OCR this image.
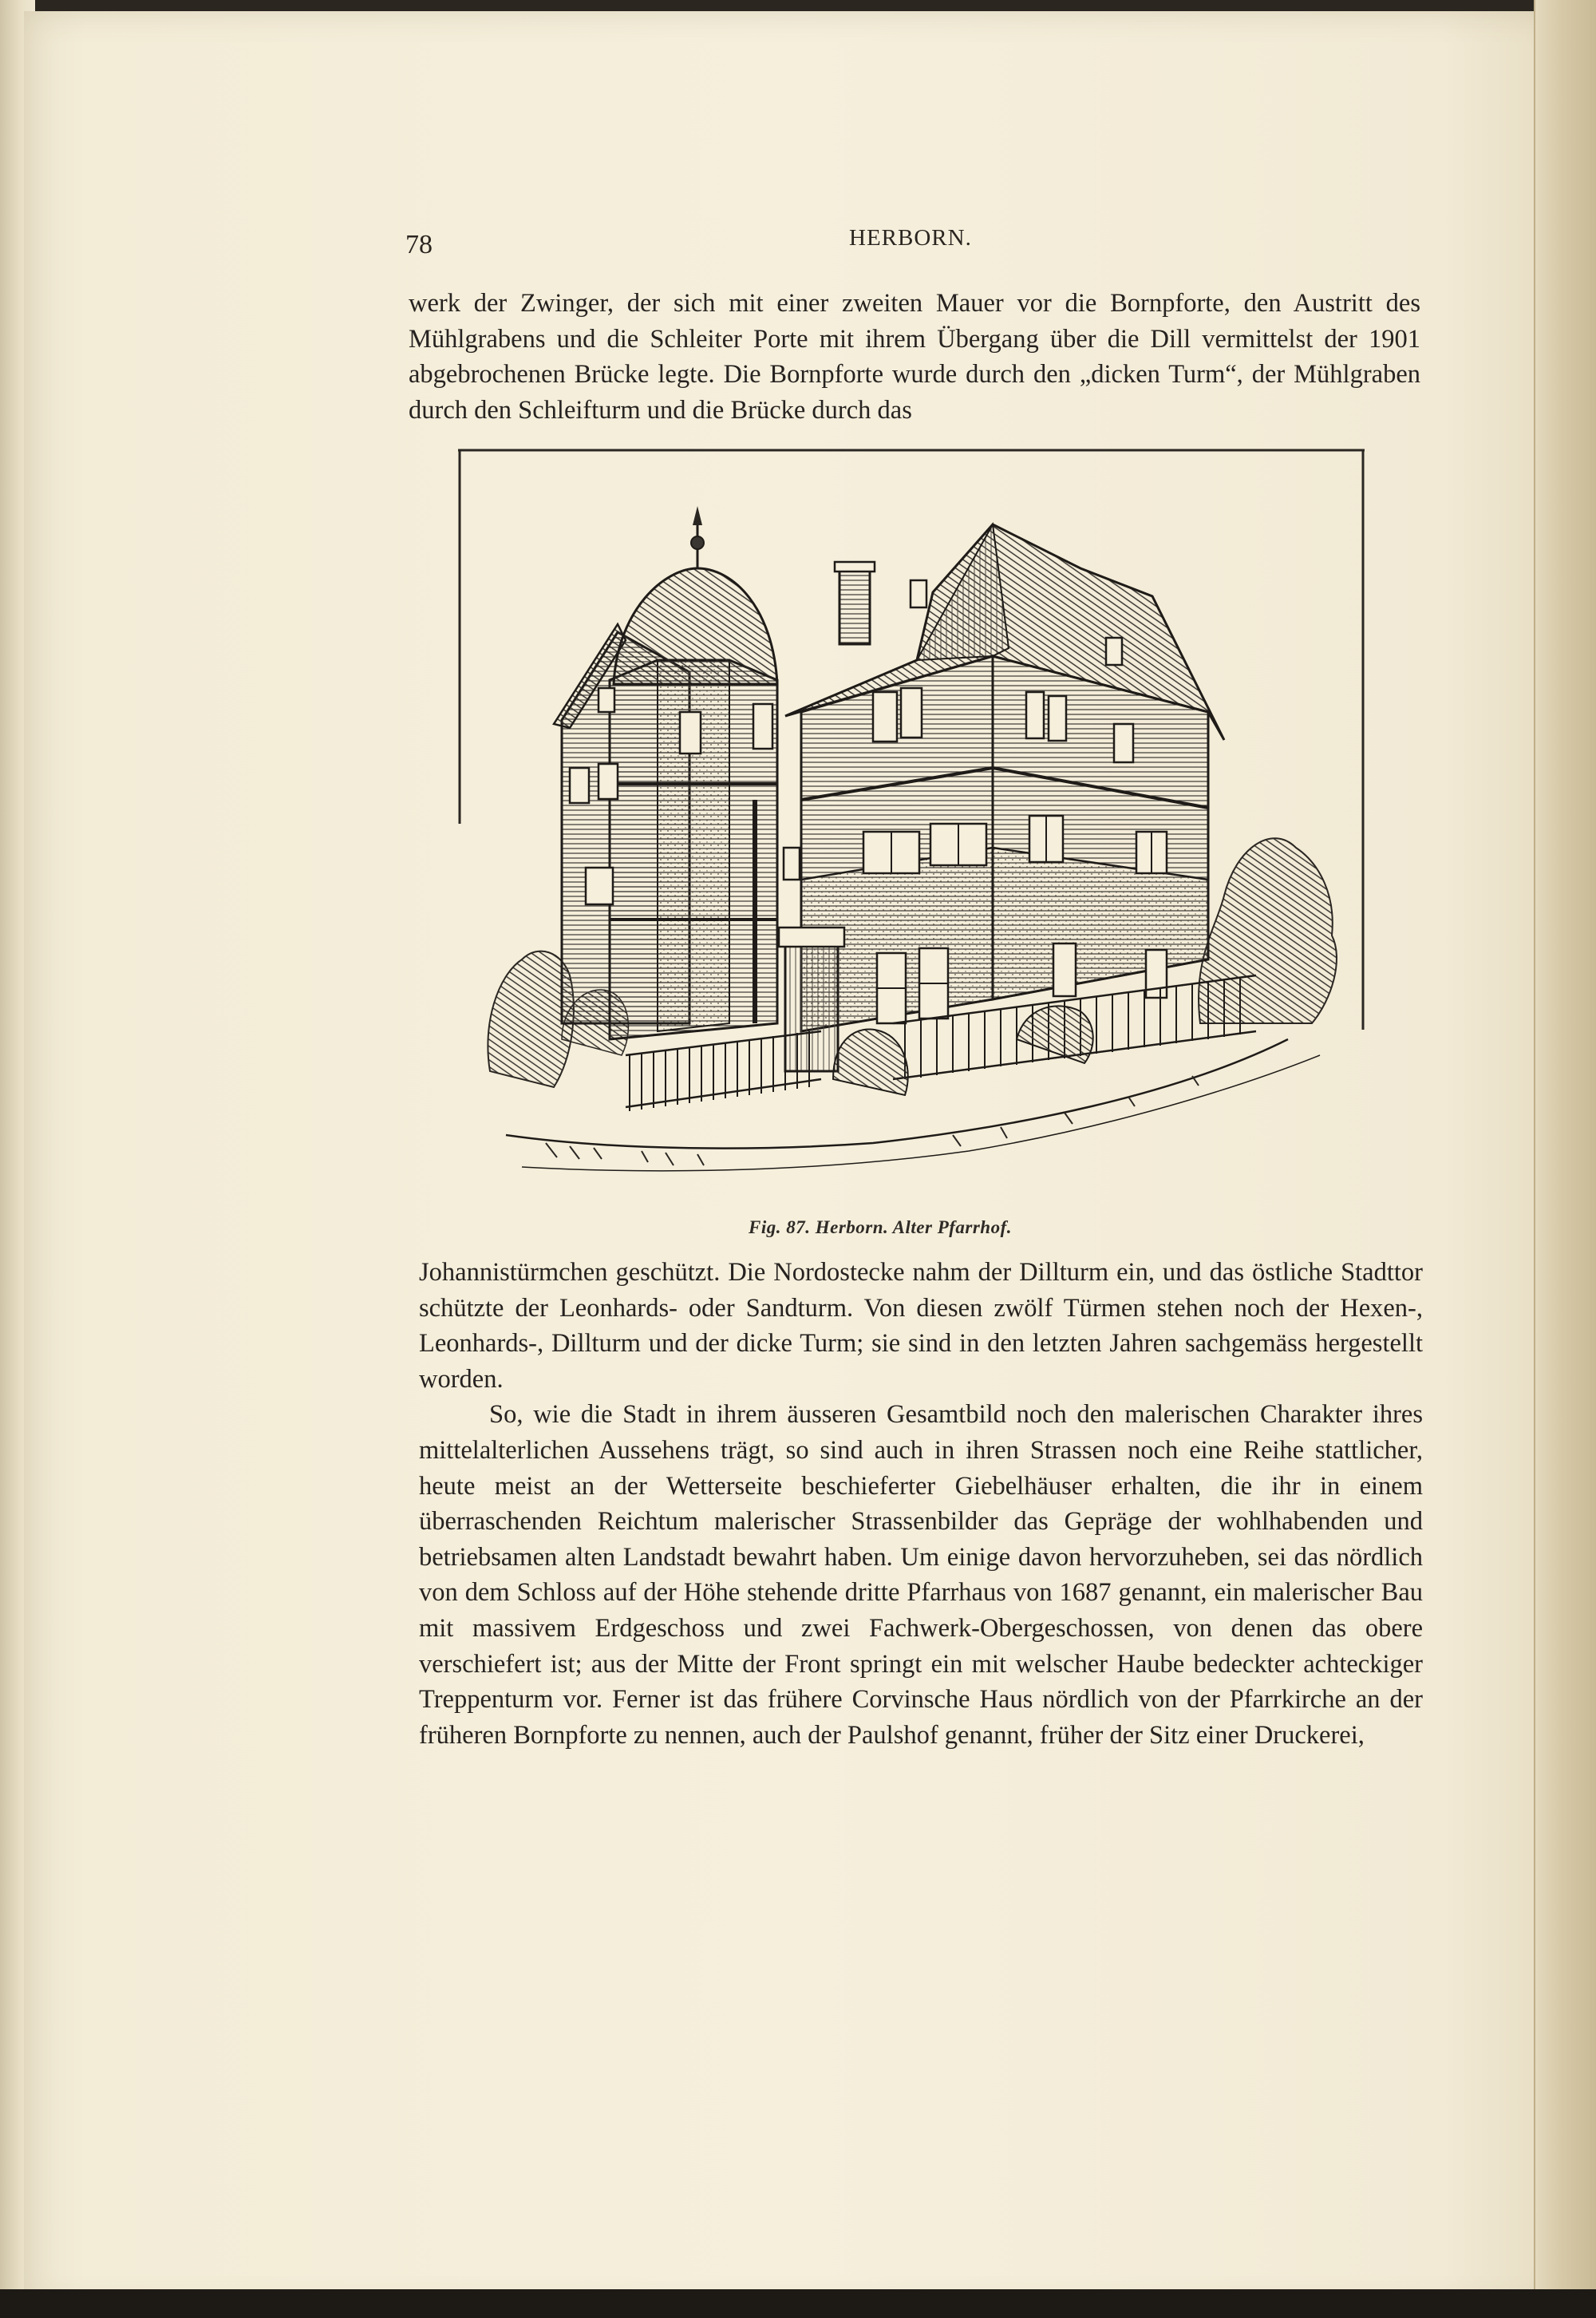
78	HERBORN.

werk der Zwinger, der sich mit einer zweiten Mauer vor die Bornpforte, den Austritt des Mühlgrabens und die Schleiter Porte mit ihrem Übergang über die Dill vermittelst der 1901 abgebrochenen Brücke legte. Die Bornpforte wurde durch den „dicken Turm“, der Mühlgraben durch den Schleifturm und die Brücke durch das

Fig. 87. Herborn. Alter Pfarrhof.

Johannistürmchen geschützt. Die Nordostecke nahm der Dillturm ein, und das östliche Stadttor schützte der Leonhards- oder Sandturm. Von diesen zwölf Türmen stehen noch der Hexen-, Leonhards-, Dillturm und der dicke Turm; sie sind in den letzten Jahren sachgemäss hergestellt worden.

So, wie die Stadt in ihrem äusseren Gesamtbild noch den malerischen Charakter ihres mittelalterlichen Aussehens trägt, so sind auch in ihren Strassen noch eine Reihe stattlicher, heute meist an der Wetterseite beschieferter Giebelhäuser erhalten, die ihr in einem überraschenden Reichtum malerischer Strassenbilder das Gepräge der wohlhabenden und betriebsamen alten Landstadt bewahrt haben. Um einige davon hervorzuheben, sei das nördlich von dem Schloss auf der Höhe stehende dritte Pfarrhaus von 1687 genannt, ein malerischer Bau mit massivem Erdgeschoss und zwei Fachwerk-Obergeschossen, von denen das obere verschiefert ist; aus der Mitte der Front springt ein mit welscher Haube bedeckter achteckiger Treppenturm vor. Ferner ist das frühere Corvinsche Haus nördlich von der Pfarrkirche an der früheren Bornpforte zu nennen, auch der Paulshof genannt, früher der Sitz einer Druckerei,
